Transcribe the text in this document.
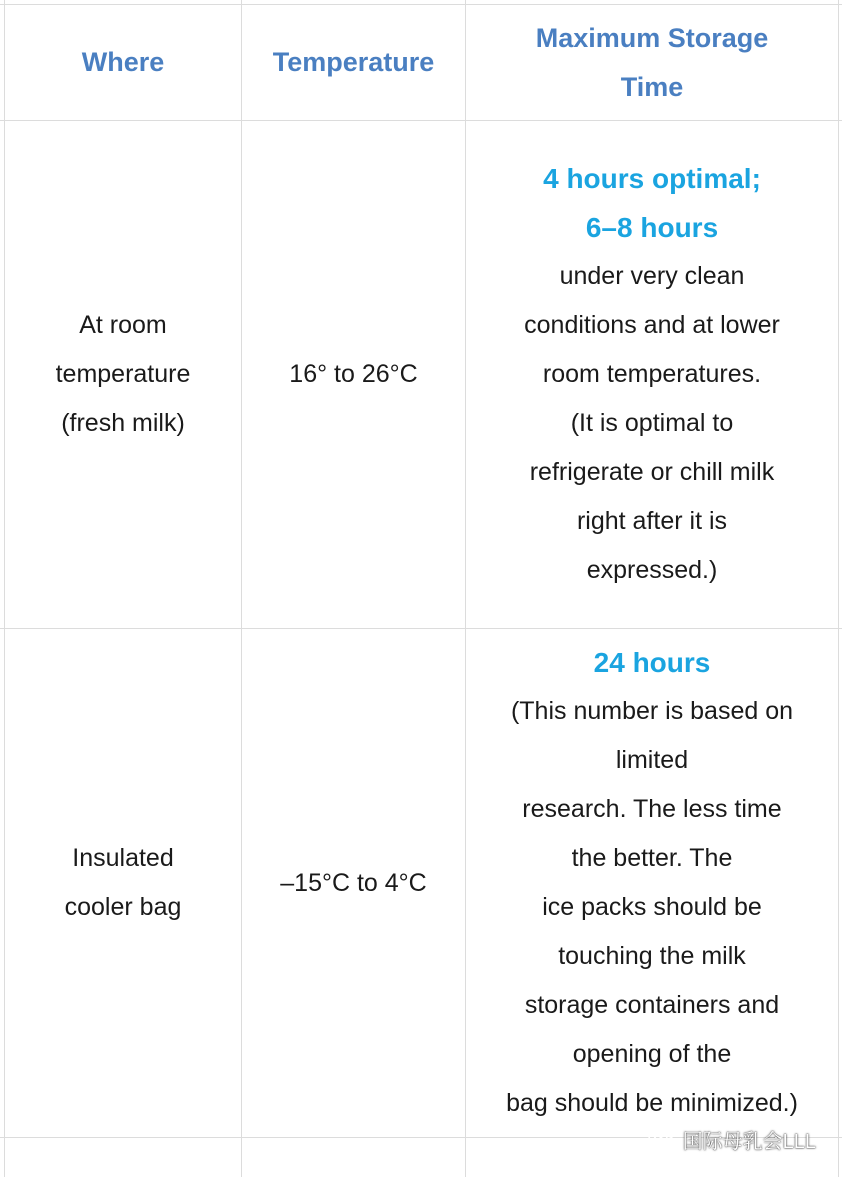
Where	Temperature
Maximum Storage
Time
At room
temperature
(fresh milk)
16° to 26°C
4 hours optimal;
6–8 hours
under very clean
conditions and at lower
room temperatures.
(It is optimal to
refrigerate or chill milk
right after it is
expressed.)
Insulated
cooler bag
–15°C to 4°C
24 hours
(This number is based on
limited
research. The less time
the better. The
ice packs should be
touching the milk
storage containers and
opening of the
bag should be minimized.)
国际母乳会LLL
